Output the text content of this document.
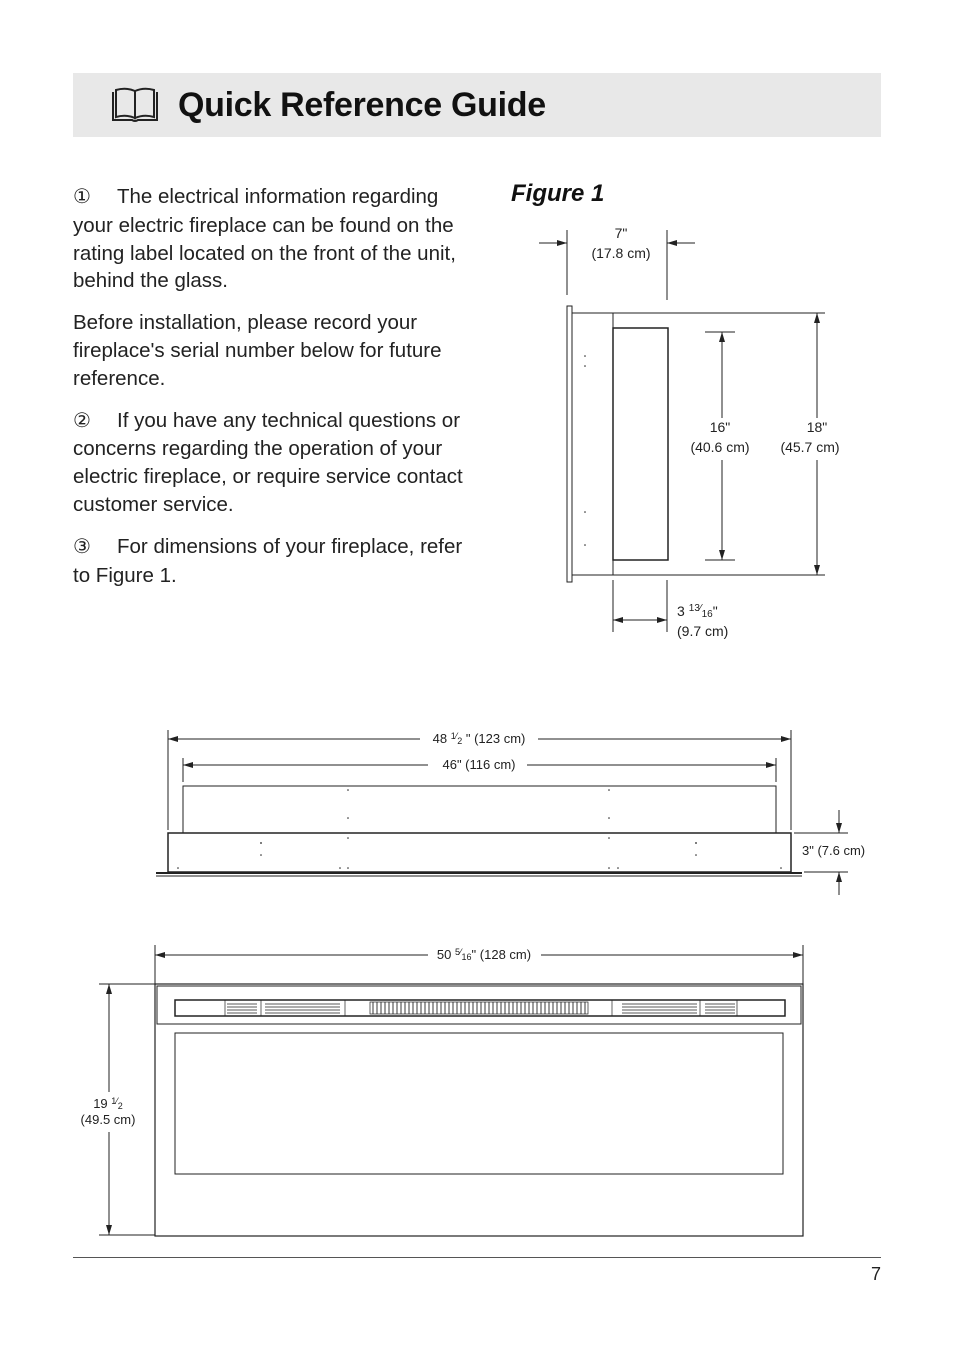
Quick Reference Guide

① The electrical information regarding your electric fireplace can be found on the rating label located on the front of the unit, behind the glass.

Before installation, please record your fireplace's serial number below for future reference.

② If you have any technical questions or concerns regarding the operation of your electric fireplace, or require service contact customer service.

③ For dimensions of your fireplace, refer to Figure 1.

Figure 1
7"
(17.8 cm)
16"
(40.6 cm)
18"
(45.7 cm)
3 $^{13}⁄_{16}$"
(9.7 cm)
48 $^1⁄_2$ " (123 cm)
46" (116 cm)
3" (7.6 cm)
50 $^5⁄_{16}$" (128 cm)
19 $^1⁄_2$
(49.5 cm)
7
